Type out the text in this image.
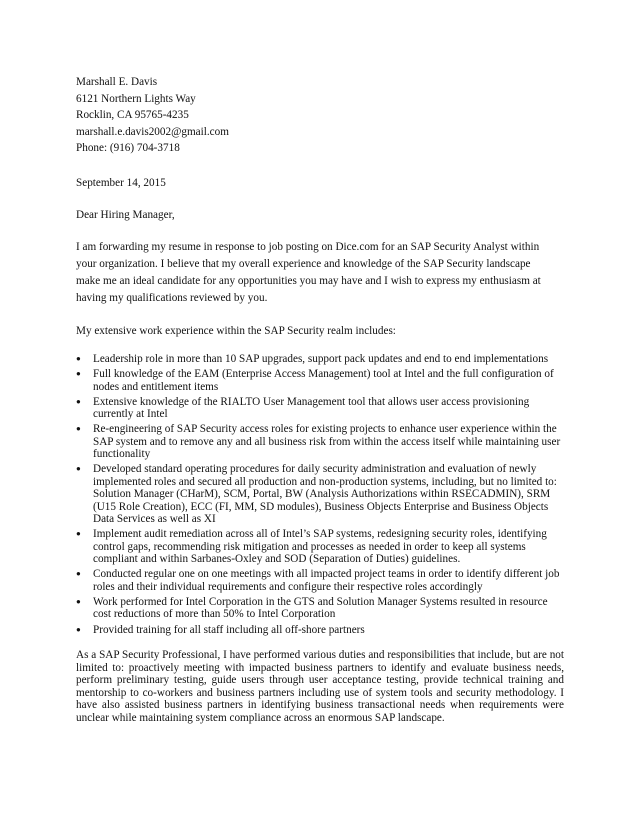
Marshall E. Davis
6121 Northern Lights Way
Rocklin, CA 95765-4235
marshall.e.davis2002@gmail.com
Phone: (916) 704-3718

September 14, 2015

Dear Hiring Manager,

I am forwarding my resume in response to job posting on Dice.com for an SAP Security Analyst within
your organization. I believe that my overall experience and knowledge of the SAP Security landscape
make me an ideal candidate for any opportunities you may have and I wish to express my enthusiasm at
having my qualifications reviewed by you.

My extensive work experience within the SAP Security realm includes:

● Leadership role in more than 10 SAP upgrades, support pack updates and end to end implementations
● Full knowledge of the EAM (Enterprise Access Management) tool at Intel and the full configuration of nodes and entitlement items
● Extensive knowledge of the RIALTO User Management tool that allows user access provisioning currently at Intel
● Re-engineering of SAP Security access roles for existing projects to enhance user experience within the SAP system and to remove any and all business risk from within the access itself while maintaining user functionality
● Developed standard operating procedures for daily security administration and evaluation of newly implemented roles and secured all production and non-production systems, including, but no limited to: Solution Manager (CHarM), SCM, Portal, BW (Analysis Authorizations within RSECADMIN), SRM (U15 Role Creation), ECC (FI, MM, SD modules), Business Objects Enterprise and Business Objects Data Services as well as XI
● Implement audit remediation across all of Intel’s SAP systems, redesigning security roles, identifying control gaps, recommending risk mitigation and processes as needed in order to keep all systems compliant and within Sarbanes-Oxley and SOD (Separation of Duties) guidelines.
● Conducted regular one on one meetings with all impacted project teams in order to identify different job roles and their individual requirements and configure their respective roles accordingly
● Work performed for Intel Corporation in the GTS and Solution Manager Systems resulted in resource cost reductions of more than 50% to Intel Corporation
● Provided training for all staff including all off-shore partners

As a SAP Security Professional, I have performed various duties and responsibilities that include, but are not limited to: proactively meeting with impacted business partners to identify and evaluate business needs, perform preliminary testing, guide users through user acceptance testing, provide technical training and mentorship to co-workers and business partners including use of system tools and security methodology. I have also assisted business partners in identifying business transactional needs when requirements were unclear while maintaining system compliance across an enormous SAP landscape.
